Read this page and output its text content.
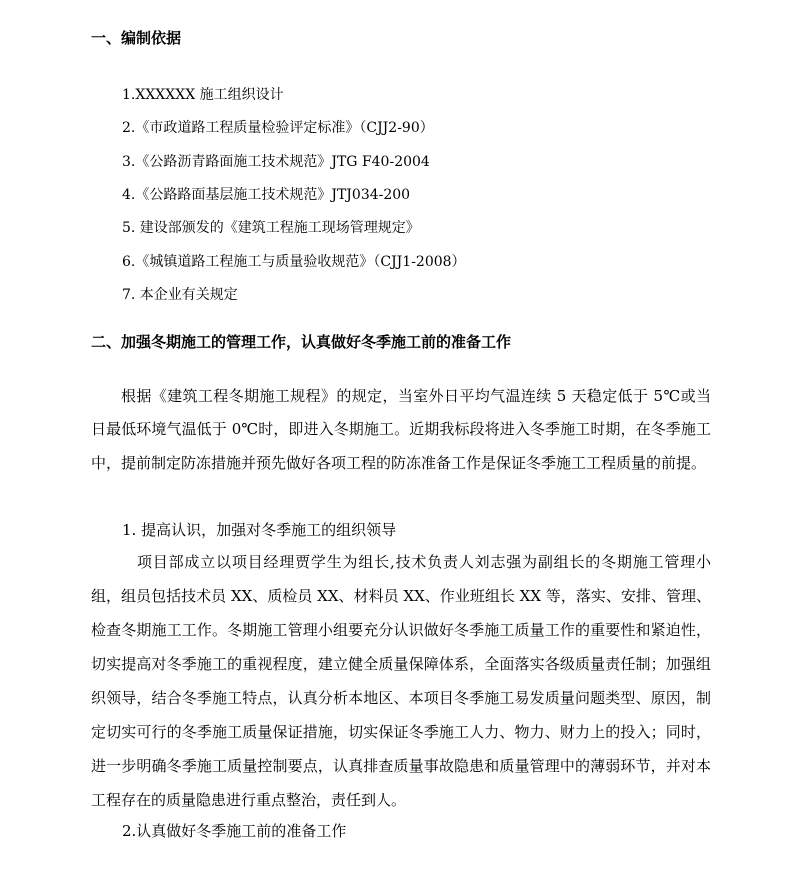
一、编制依据
1.XXXXXX 施工组织设计
2.《市政道路工程质量检验评定标准》（CJJ2-90）
3.《公路沥青路面施工技术规范》JTG F40-2004
4.《公路路面基层施工技术规范》JTJ034-200
5. 建设部颁发的《建筑工程施工现场管理规定》
6.《城镇道路工程施工与质量验收规范》（CJJ1-2008）
7. 本企业有关规定
二、加强冬期施工的管理工作，认真做好冬季施工前的准备工作

根据《建筑工程冬期施工规程》的规定，当室外日平均气温连续 5 天稳定低于 5℃或当日最低环境气温低于 0℃时，即进入冬期施工。近期我标段将进入冬季施工时期，在冬季施工中，提前制定防冻措施并预先做好各项工程的防冻准备工作是保证冬季施工工程质量的前提。

1. 提高认识，加强对冬季施工的组织领导

项目部成立以项目经理贾学生为组长,技术负责人刘志强为副组长的冬期施工管理小组，组员包括技术员 XX、质检员 XX、材料员 XX、作业班组长 XX 等，落实、安排、管理、检查冬期施工工作。冬期施工管理小组要充分认识做好冬季施工质量工作的重要性和紧迫性，切实提高对冬季施工的重视程度，建立健全质量保障体系，全面落实各级质量责任制；加强组织领导，结合冬季施工特点，认真分析本地区、本项目冬季施工易发质量问题类型、原因，制定切实可行的冬季施工质量保证措施，切实保证冬季施工人力、物力、财力上的投入；同时，进一步明确冬季施工质量控制要点，认真排查质量事故隐患和质量管理中的薄弱环节，并对本工程存在的质量隐患进行重点整治，责任到人。

2.认真做好冬季施工前的准备工作
